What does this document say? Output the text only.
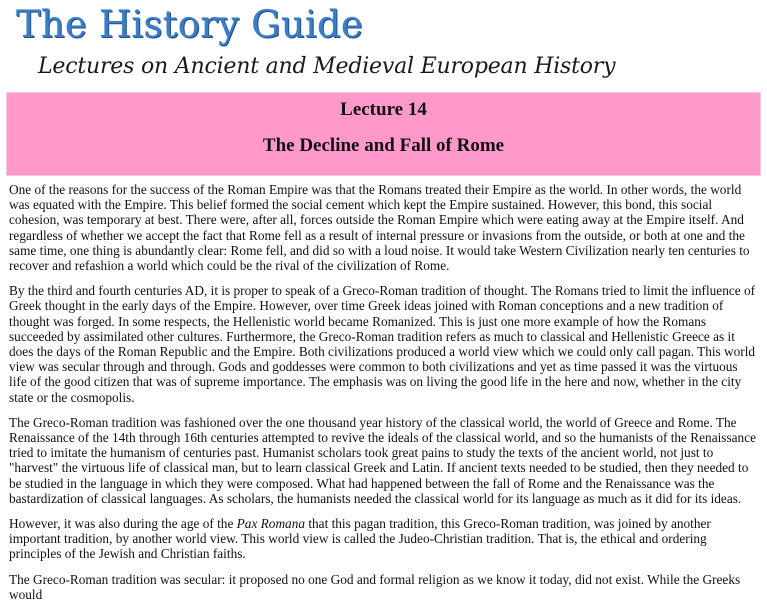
The History Guide
Lectures on Ancient and Medieval European History
Lecture 14
The Decline and Fall of Rome

One of the reasons for the success of the Roman Empire was that the Romans treated their Empire as the world. In other words, the world was equated with the Empire. This belief formed the social cement which kept the Empire sustained. However, this bond, this social cohesion, was temporary at best. There were, after all, forces outside the Roman Empire which were eating away at the Empire itself. And regardless of whether we accept the fact that Rome fell as a result of internal pressure or invasions from the outside, or both at one and the same time, one thing is abundantly clear: Rome fell, and did so with a loud noise. It would take Western Civilization nearly ten centuries to recover and refashion a world which could be the rival of the civilization of Rome.

By the third and fourth centuries AD, it is proper to speak of a Greco-Roman tradition of thought. The Romans tried to limit the influence of Greek thought in the early days of the Empire. However, over time Greek ideas joined with Roman conceptions and a new tradition of thought was forged. In some respects, the Hellenistic world became Romanized. This is just one more example of how the Romans succeeded by assimilated other cultures. Furthermore, the Greco-Roman tradition refers as much to classical and Hellenistic Greece as it does the days of the Roman Republic and the Empire. Both civilizations produced a world view which we could only call pagan. This world view was secular through and through. Gods and goddesses were common to both civilizations and yet as time passed it was the virtuous life of the good citizen that was of supreme importance. The emphasis was on living the good life in the here and now, whether in the city state or the cosmopolis.

The Greco-Roman tradition was fashioned over the one thousand year history of the classical world, the world of Greece and Rome. The Renaissance of the 14th through 16th centuries attempted to revive the ideals of the classical world, and so the humanists of the Renaissance tried to imitate the humanism of centuries past. Humanist scholars took great pains to study the texts of the ancient world, not just to "harvest" the virtuous life of classical man, but to learn classical Greek and Latin. If ancient texts needed to be studied, then they needed to be studied in the language in which they were composed. What had happened between the fall of Rome and the Renaissance was the bastardization of classical languages. As scholars, the humanists needed the classical world for its language as much as it did for its ideas.

However, it was also during the age of the Pax Romana that this pagan tradition, this Greco-Roman tradition, was joined by another important tradition, by another world view. This world view is called the Judeo-Christian tradition. That is, the ethical and ordering principles of the Jewish and Christian faiths.

The Greco-Roman tradition was secular: it proposed no one God and formal religion as we know it today, did not exist. While the Greeks would
